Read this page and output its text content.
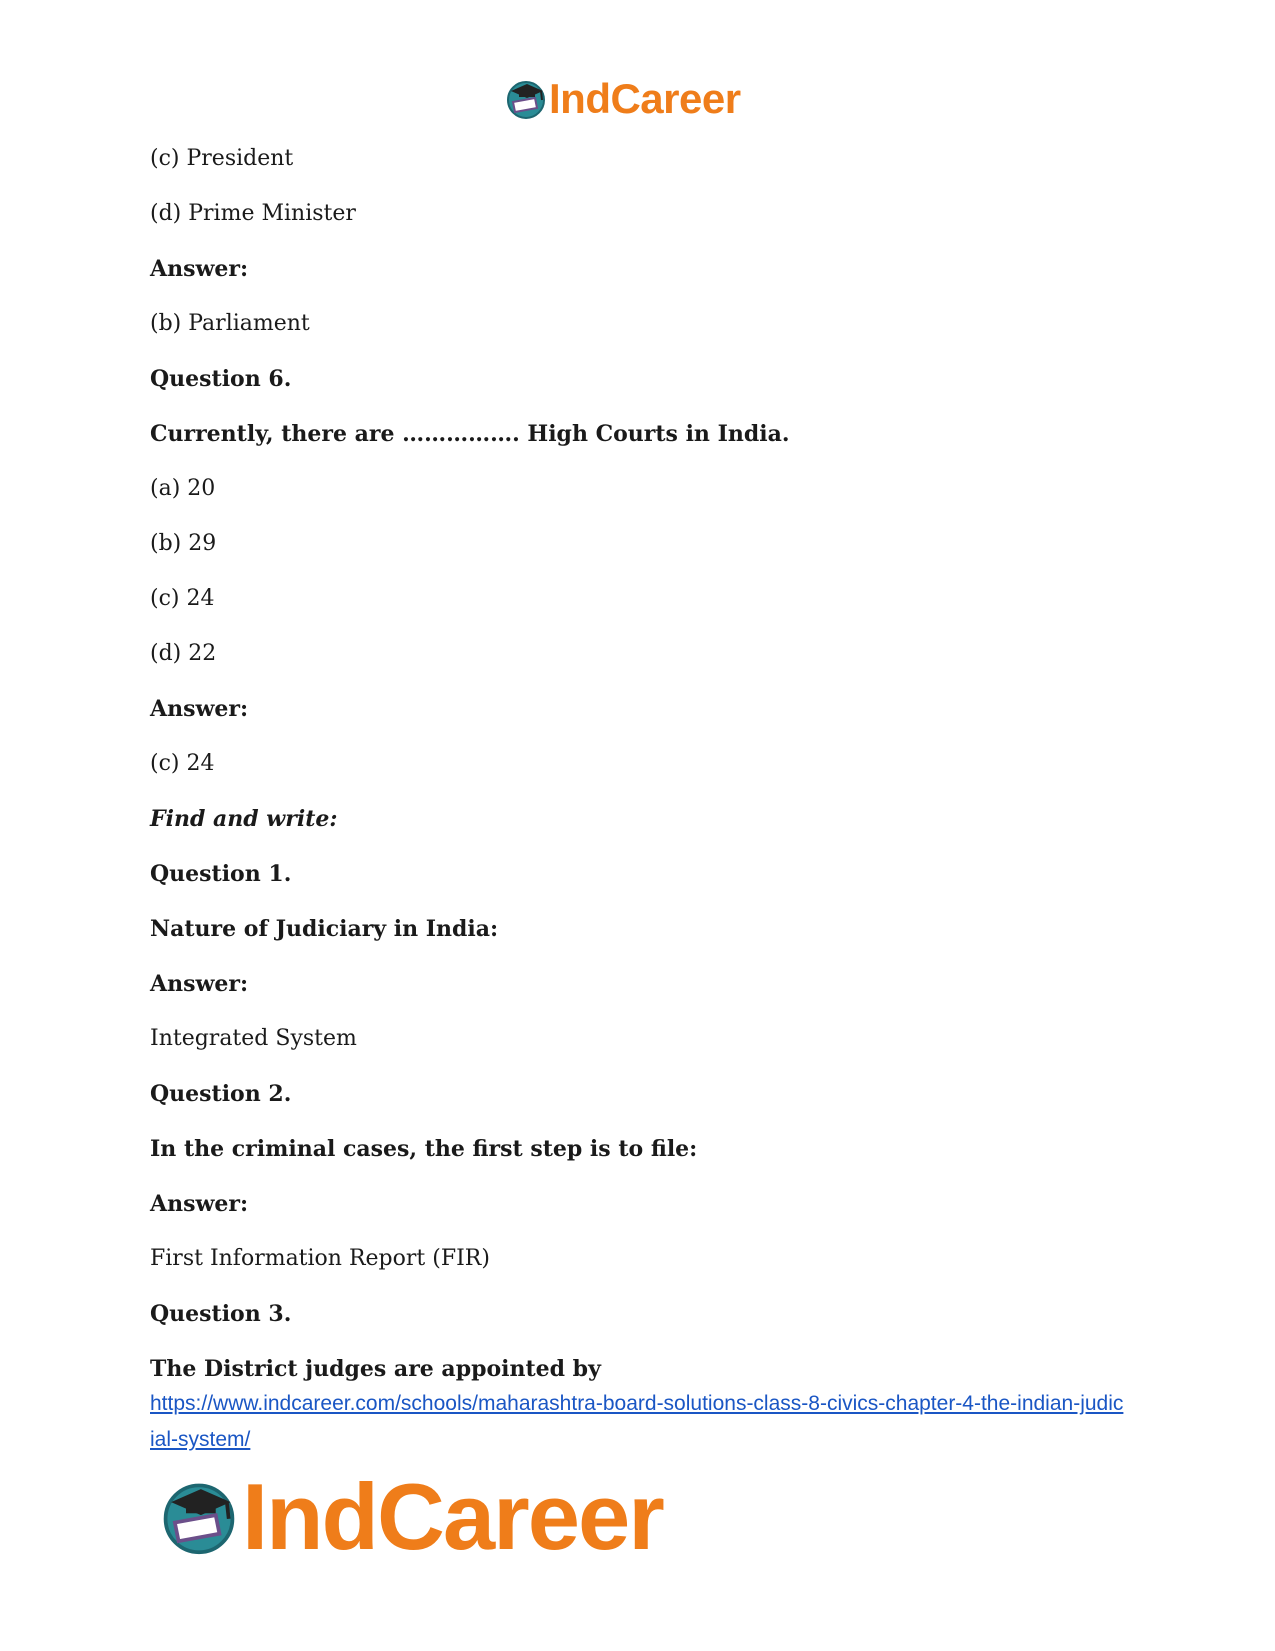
IndCareer
(c) President
(d) Prime Minister
Answer:
(b) Parliament
Question 6.
Currently, there are ……………. High Courts in India.
(a) 20
(b) 29
(c) 24
(d) 22
Answer:
(c) 24
Find and write:
Question 1.
Nature of Judiciary in India:
Answer:
Integrated System
Question 2.
In the criminal cases, the first step is to file:
Answer:
First Information Report (FIR)
Question 3.
The District judges are appointed by
https://www.indcareer.com/schools/maharashtra-board-solutions-class-8-civics-chapter-4-the-indian-judicial-system/
IndCareer
